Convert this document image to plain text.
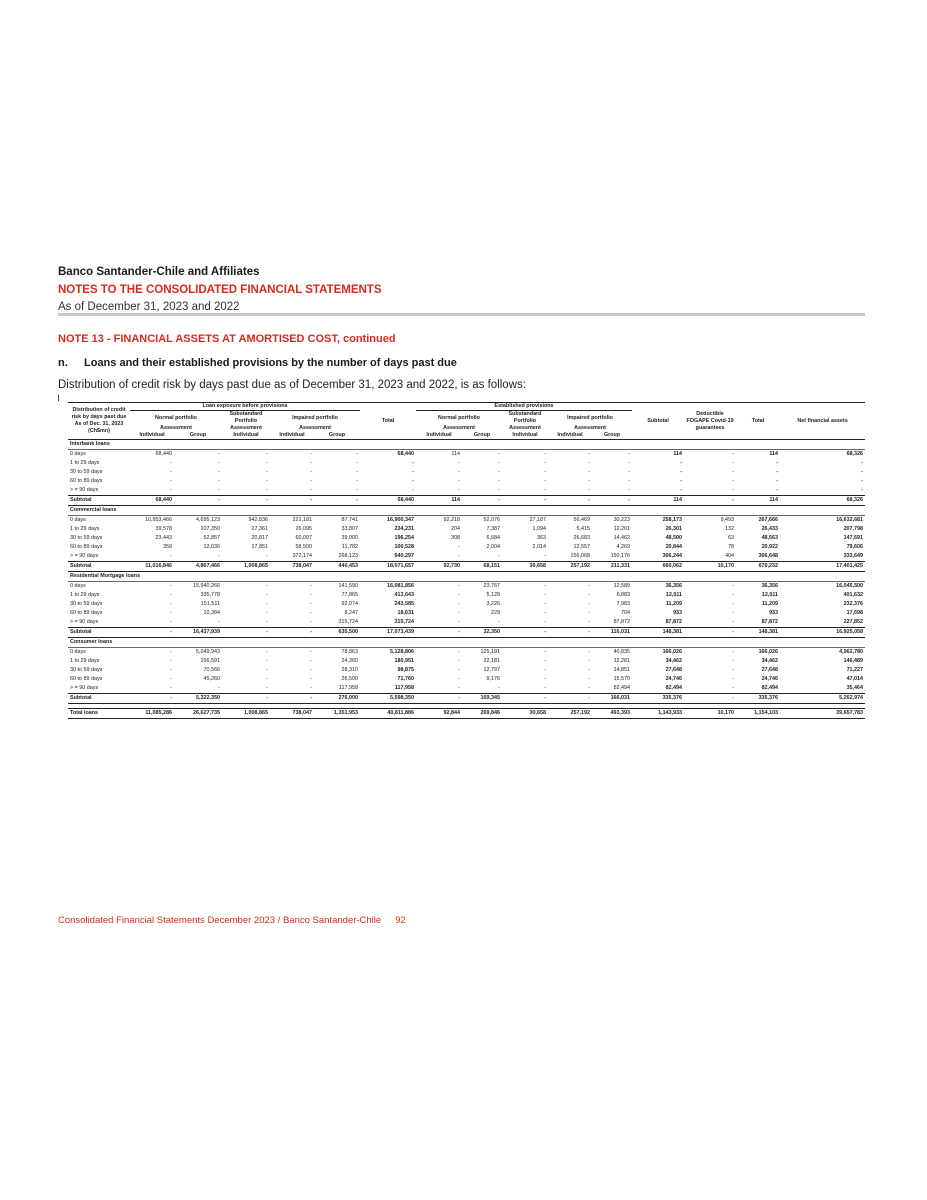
Banco Santander-Chile and Affiliates
NOTES TO THE CONSOLIDATED FINANCIAL STATEMENTS
As of December 31, 2023 and 2022
NOTE 13 - FINANCIAL ASSETS AT AMORTISED COST, continued
n. Loans and their established provisions by the number of days past due
Distribution of credit risk by days past due as of December 31, 2023 and 2022, is as follows:
Distribution of credit risk by days past due As of Dec. 31, 2023 (Ch$mn)	Loan exposure before provisions						Established provisions								
	Normal portfolio		Substandard Portfolio	Impaired portfolio		Total	Normal portfolio		Substandard Portfolio	Impaired portfolio		Subtotal	Deductible FOGAPE Covid-19 guarantees	Total	Net financial assets
	Assessment		Assessment	Assessment			Assessment		Assessment	Assessment					
	Individual	Group	Individual	Individual	Group		Individual	Group	Individual	Individual	Group				
Interbank loans															
0 days	68,440	-	-	-	-	68,440	114	-	-	-	-	114	-	114	68,326
1 to 29 days	-	-	-	-	-	-	-	-	-	-	-	-	-	-	-
30 to 59 days	-	-	-	-	-	-	-	-	-	-	-	-	-	-	-
60 to 89 days	-	-	-	-	-	-	-	-	-	-	-	-	-	-	-
> = 90 days	-	-	-	-	-	-	-	-	-	-	-	-	-	-	-
Subtotal	68,440	-	-	-	-	68,440	114	-	-	-	-	114	-	114	68,326
Commercial loans															
0 days	10,953,466	4,695,123	942,836	221,181	87,741	16,900,347	92,218	52,076	27,187	56,469	30,223	258,173	9,493	267,666	16,632,681
1 to 29 days	39,578	107,350	27,361	26,095	33,807	234,231	204	7,387	1,094	5,415	12,201	26,301	132	26,433	207,798
30 to 59 days	23,443	52,857	20,817	60,097	39,000	196,254	308	6,684	363	26,683	14,462	48,500	63	48,563	147,691
60 to 89 days	359	12,036	17,851	58,500	11,782	100,528	-	2,004	2,014	12,557	4,269	20,844	78	20,922	79,606
> = 90 days	-	-	-	372,174	268,123	640,297	-	-	-	156,068	150,176	306,244	404	306,648	333,649
Subtotal	11,016,846	4,867,466	1,008,865	738,047	440,453	18,071,657	92,730	68,151	30,658	257,192	211,331	660,062	10,170	670,232	17,401,425
Residential Mortgage loans															
0 days	-	15,940,266	-	-	141,590	16,081,856	-	23,767	-	-	12,589	36,356	-	36,356	16,045,500
1 to 29 days	-	335,778	-	-	77,865	413,643	-	5,128	-	-	6,883	12,011	-	12,011	401,632
30 to 59 days	-	151,511	-	-	92,074	243,585	-	3,226	-	-	7,983	11,209	-	11,209	232,376
60 to 89 days	-	10,384	-	-	8,247	18,631	-	229	-	-	704	933	-	933	17,698
> = 90 days	-	-	-	-	315,724	315,724	-	-	-	-	87,872	87,872	-	87,872	227,852
Subtotal	-	16,437,939	-	-	635,500	17,073,439	-	32,350	-	-	116,031	148,381	-	148,381	16,925,058
Consumer loans															
0 days	-	5,049,943	-	-	78,863	5,128,806	-	125,191	-	-	40,835	166,026	-	166,026	4,962,780
1 to 29 days	-	156,591	-	-	24,360	180,951	-	22,181	-	-	12,281	34,462	-	34,462	146,489
30 to 59 days	-	70,566	-	-	28,310	98,875	-	12,797	-	-	14,851	27,648	-	27,648	71,227
60 to 89 days	-	45,260	-	-	26,500	71,760	-	9,176	-	-	15,570	24,746	-	24,746	47,014
> = 90 days	-	-	-	-	117,958	117,958	-	-	-	-	82,494	82,494	-	82,494	35,464
Subtotal	-	5,322,350	-	-	276,000	5,598,350	-	169,345	-	-	166,031	335,376	-	335,376	5,262,974

Total loans	11,085,286	26,627,735	1,008,865	738,047	1,351,953	40,811,886	92,844	269,846	30,658	257,192	493,393	1,143,933	10,170	1,154,103	39,657,783
Consolidated Financial Statements December 2023 / Banco Santander-Chile 92
